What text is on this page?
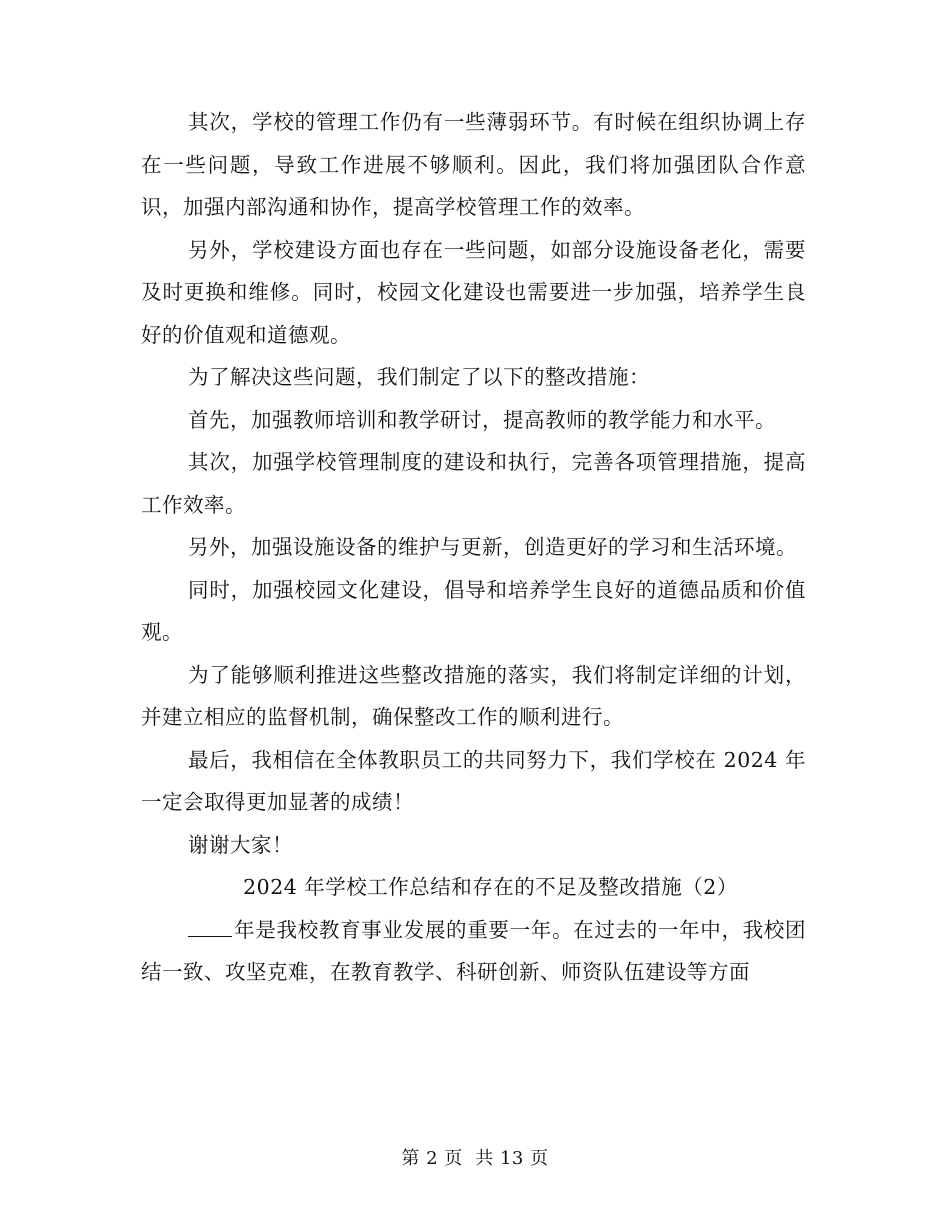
其次，学校的管理工作仍有一些薄弱环节。有时候在组织协调上存在一些问题，导致工作进展不够顺利。因此，我们将加强团队合作意识，加强内部沟通和协作，提高学校管理工作的效率。

另外，学校建设方面也存在一些问题，如部分设施设备老化，需要及时更换和维修。同时，校园文化建设也需要进一步加强，培养学生良好的价值观和道德观。

为了解决这些问题，我们制定了以下的整改措施：

首先，加强教师培训和教学研讨，提高教师的教学能力和水平。

其次，加强学校管理制度的建设和执行，完善各项管理措施，提高工作效率。

另外，加强设施设备的维护与更新，创造更好的学习和生活环境。

同时，加强校园文化建设，倡导和培养学生良好的道德品质和价值观。

为了能够顺利推进这些整改措施的落实，我们将制定详细的计划，并建立相应的监督机制，确保整改工作的顺利进行。

最后，我相信在全体教职员工的共同努力下，我们学校在 2024 年一定会取得更加显著的成绩！

谢谢大家！

2024 年学校工作总结和存在的不足及整改措施（2）

年是我校教育事业发展的重要一年。在过去的一年中，我校团结一致、攻坚克难，在教育教学、科研创新、师资队伍建设等方面

第 2 页  共 13 页
